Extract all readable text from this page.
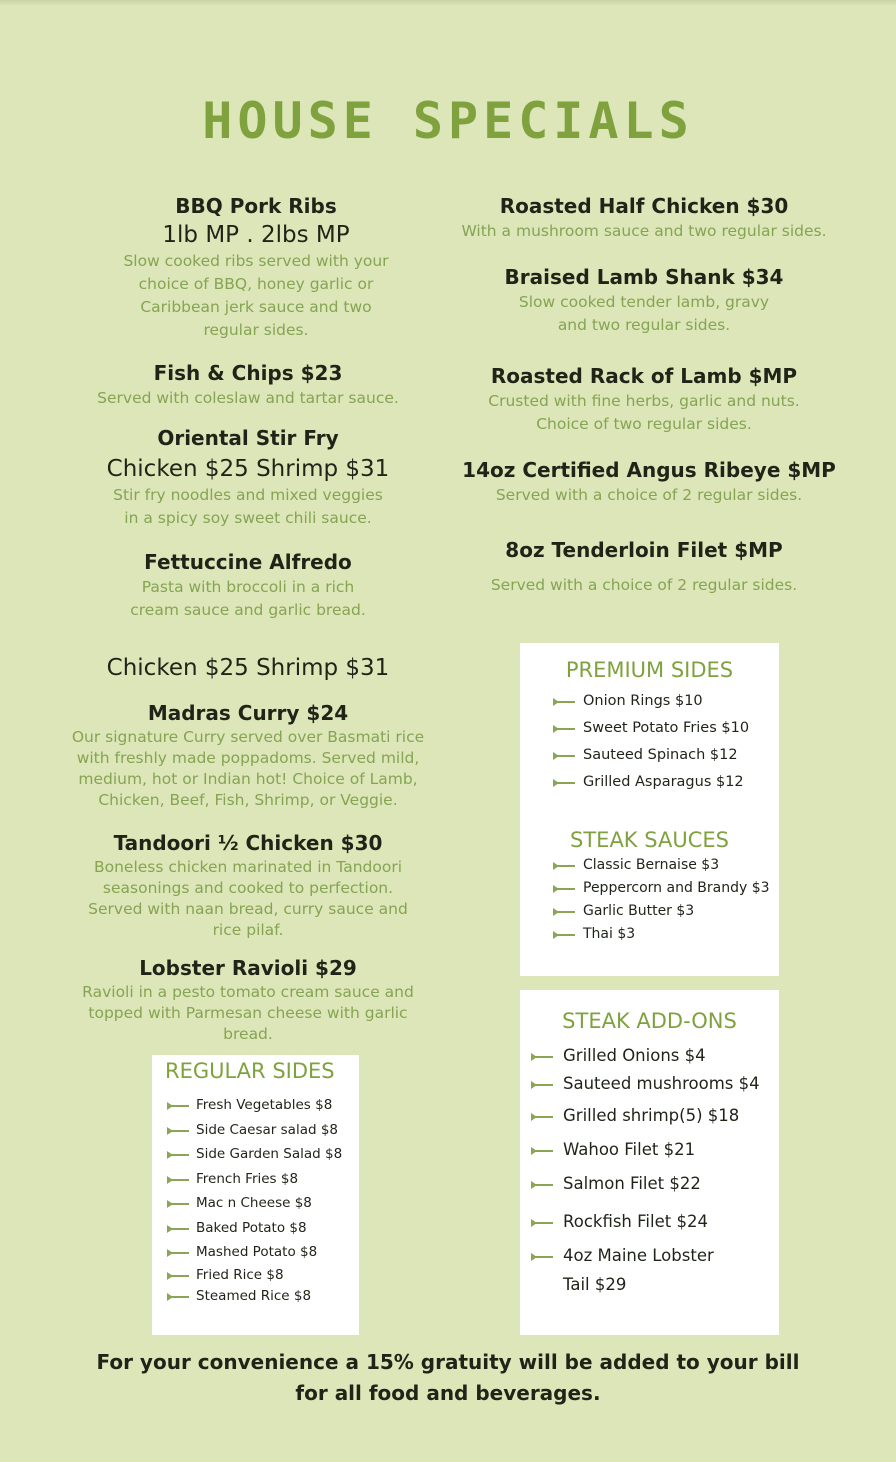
HOUSE SPECIALS
BBQ Pork Ribs
1lb MP . 2lbs MP
Slow cooked ribs served with your choice of BBQ, honey garlic or Caribbean jerk sauce and two regular sides.
Fish & Chips $23
Served with coleslaw and tartar sauce.
Oriental Stir Fry
Chicken $25 Shrimp $31
Stir fry noodles and mixed veggies in a spicy soy sweet chili sauce.
Fettuccine Alfredo
Pasta with broccoli in a rich cream sauce and garlic bread.
Chicken $25 Shrimp $31
Madras Curry $24
Our signature Curry served over Basmati rice with freshly made poppadoms. Served mild, medium, hot or Indian hot! Choice of Lamb, Chicken, Beef, Fish, Shrimp, or Veggie.
Tandoori ½ Chicken $30
Boneless chicken marinated in Tandoori seasonings and cooked to perfection. Served with naan bread, curry sauce and rice pilaf.
Lobster Ravioli $29
Ravioli in a pesto tomato cream sauce and topped with Parmesan cheese with garlic bread.
Roasted Half Chicken $30
With a mushroom sauce and two regular sides.
Braised Lamb Shank $34
Slow cooked tender lamb, gravy and two regular sides.
Roasted Rack of Lamb $MP
Crusted with fine herbs, garlic and nuts. Choice of two regular sides.
14oz Certified Angus Ribeye $MP
Served with a choice of 2 regular sides.
8oz Tenderloin Filet $MP
Served with a choice of 2 regular sides.
PREMIUM SIDES
Onion Rings $10
Sweet Potato Fries $10
Sauteed Spinach $12
Grilled Asparagus $12
STEAK SAUCES
Classic Bernaise $3
Peppercorn and Brandy $3
Garlic Butter $3
Thai $3
REGULAR SIDES
Fresh Vegetables $8
Side Caesar salad $8
Side Garden Salad $8
French Fries $8
Mac n Cheese $8
Baked Potato $8
Mashed Potato $8
Fried Rice $8
Steamed Rice $8
STEAK ADD-ONS
Grilled Onions $4
Sauteed mushrooms $4
Grilled shrimp(5) $18
Wahoo Filet $21
Salmon Filet $22
Rockfish Filet $24
4oz Maine Lobster
Tail $29
For your convenience a 15% gratuity will be added to your bill
for all food and beverages.
